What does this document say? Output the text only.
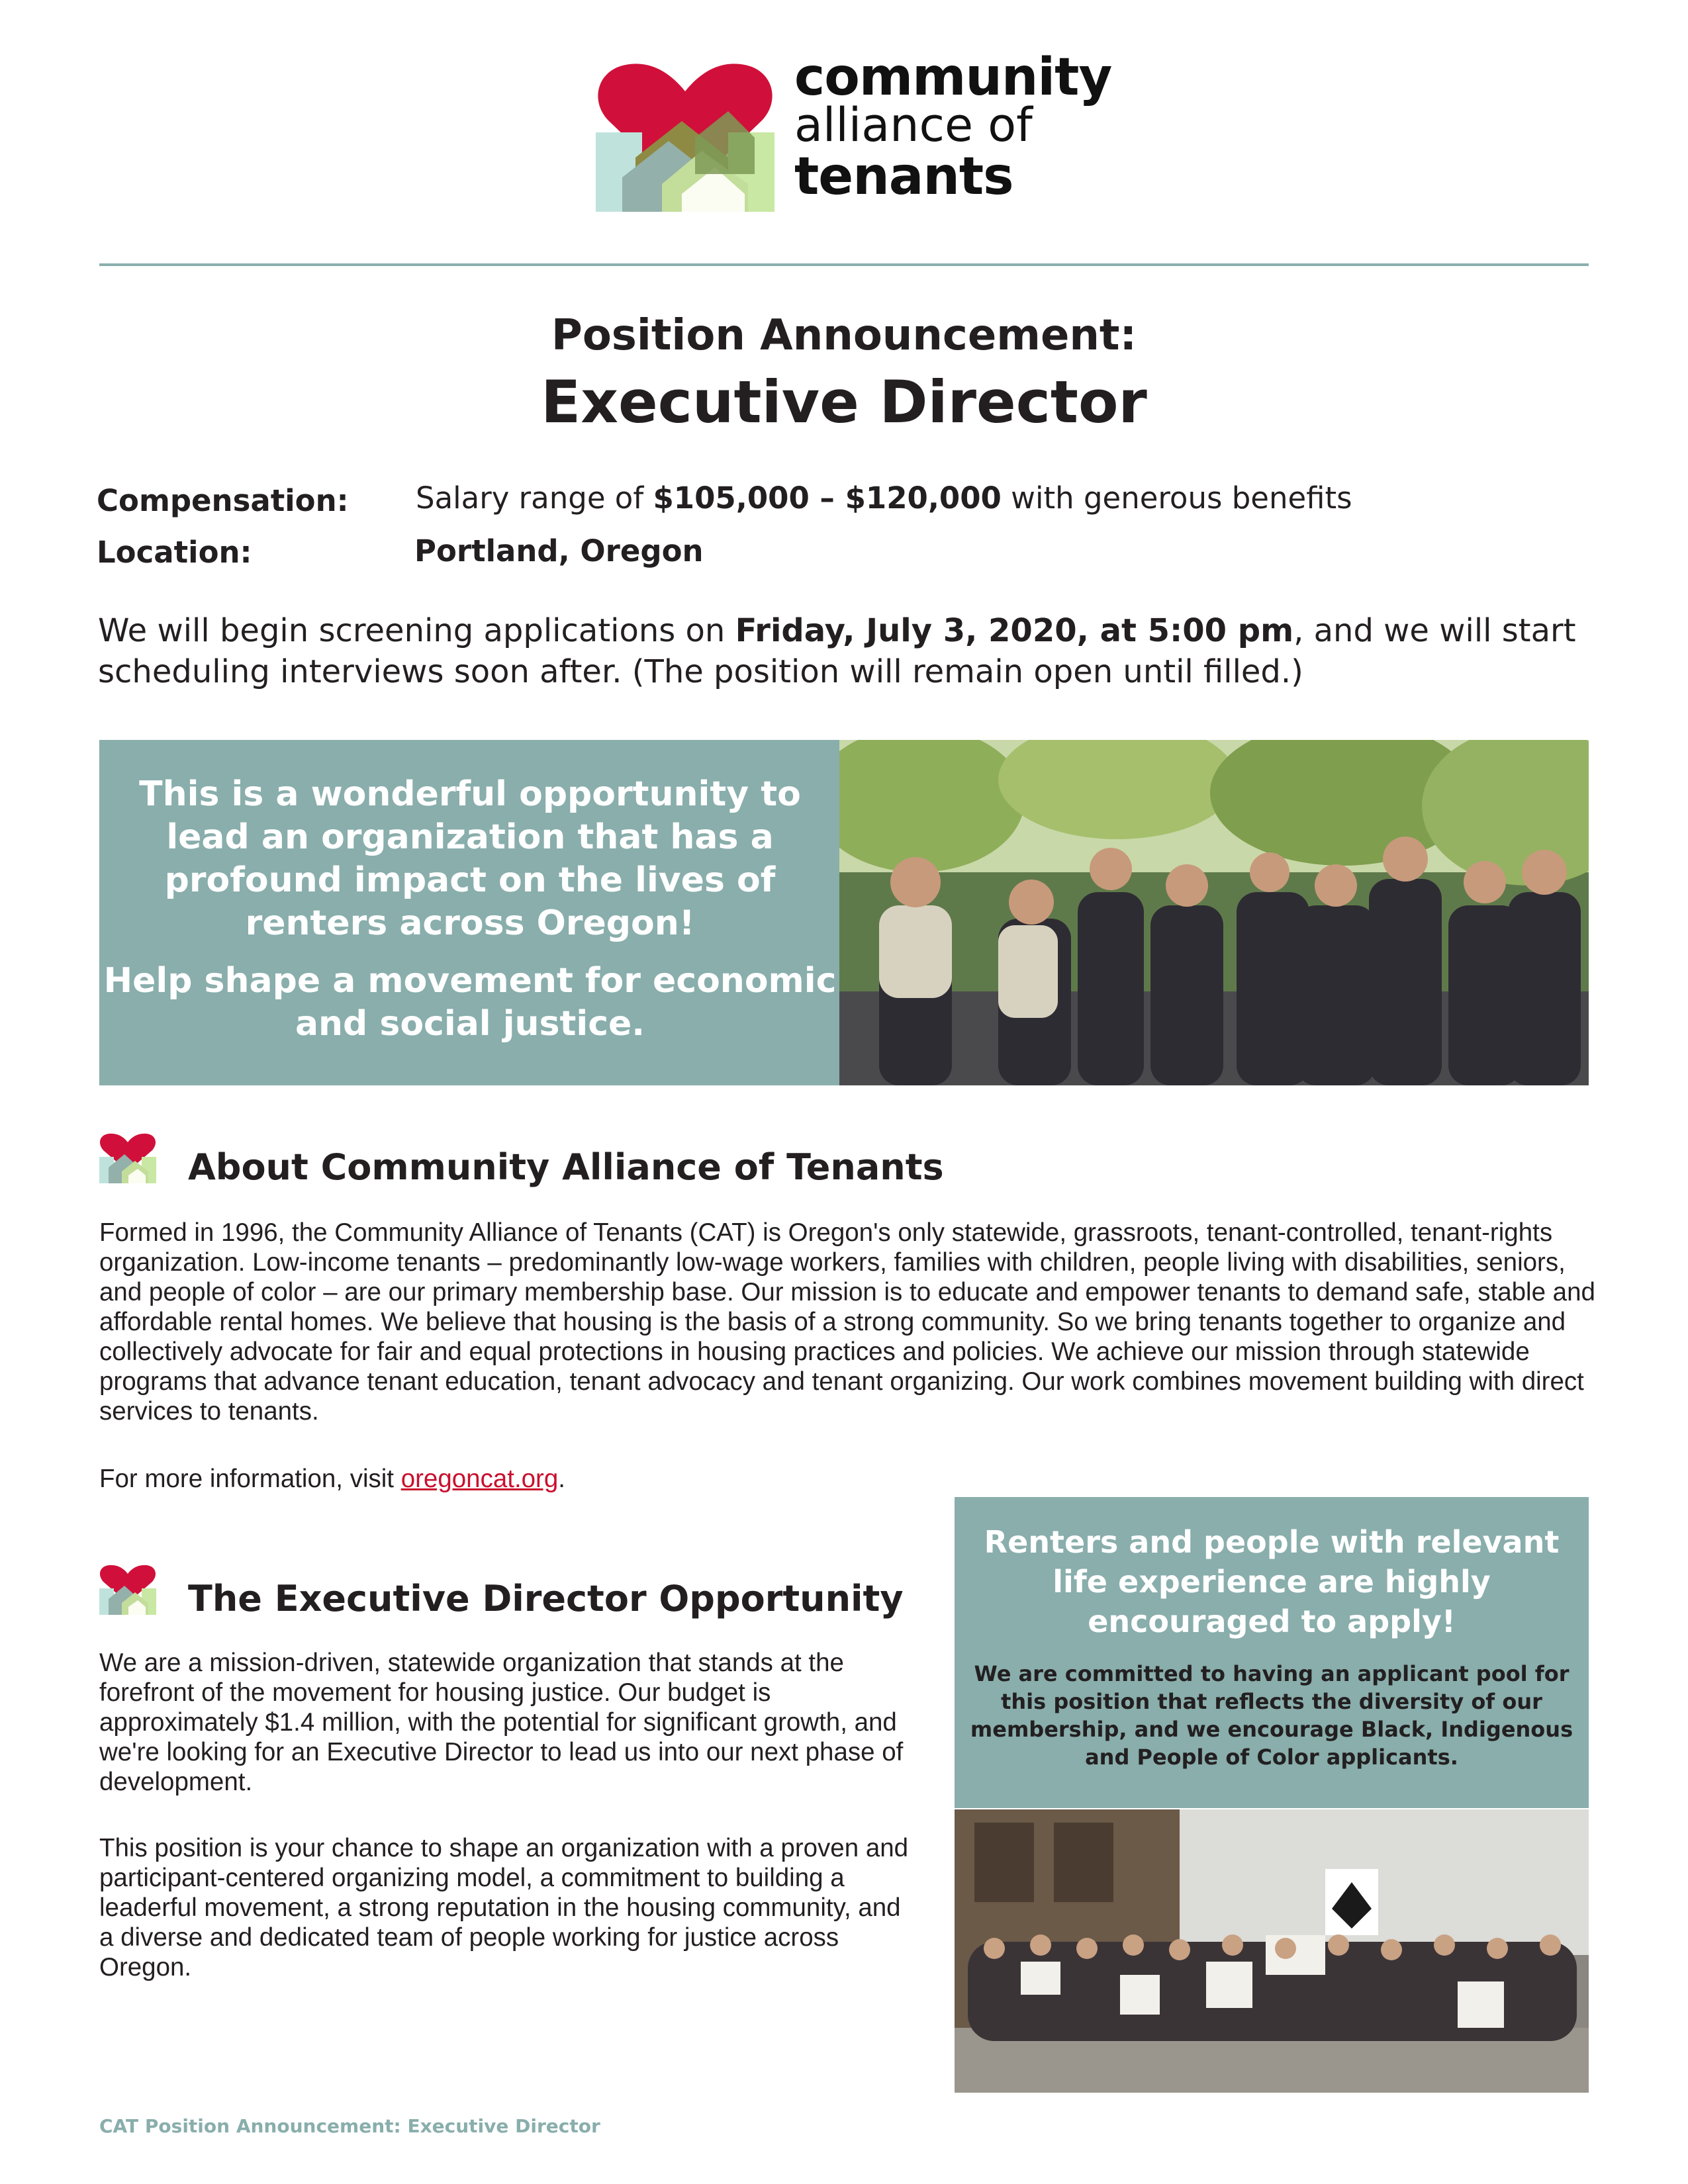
community
alliance of
tenants
Position Announcement:
Executive Director
Compensation: Salary range of $105,000 – $120,000 with generous benefits
Location:	Portland, Oregon
We will begin screening applications on Friday, July 3, 2020, at 5:00 pm, and we will start scheduling interviews soon after. (The position will remain open until filled.)
This is a wonderful opportunity to lead an organization that has a profound impact on the lives of renters across Oregon!
Help shape a movement for economic and social justice.
About Community Alliance of Tenants
Formed in 1996, the Community Alliance of Tenants (CAT) is Oregon's only statewide, grassroots, tenant-controlled, tenant-rights organization. Low-income tenants – predominantly low-wage workers, families with children, people living with disabilities, seniors, and people of color – are our primary membership base. Our mission is to educate and empower tenants to demand safe, stable and affordable rental homes. We believe that housing is the basis of a strong community. So we bring tenants together to organize and collectively advocate for fair and equal protections in housing practices and policies. We achieve our mission through statewide programs that advance tenant education, tenant advocacy and tenant organizing. Our work combines movement building with direct services to tenants.
For more information, visit oregoncat.org.
The Executive Director Opportunity
We are a mission-driven, statewide organization that stands at the forefront of the movement for housing justice. Our budget is approximately $1.4 million, with the potential for significant growth, and we're looking for an Executive Director to lead us into our next phase of development.
This position is your chance to shape an organization with a proven and participant-centered organizing model, a commitment to building a leaderful movement, a strong reputation in the housing community, and a diverse and dedicated team of people working for justice across Oregon.
Renters and people with relevant life experience are highly encouraged to apply!
We are committed to having an applicant pool for this position that reflects the diversity of our membership, and we encourage Black, Indigenous and People of Color applicants.
CAT Position Announcement: Executive Director
